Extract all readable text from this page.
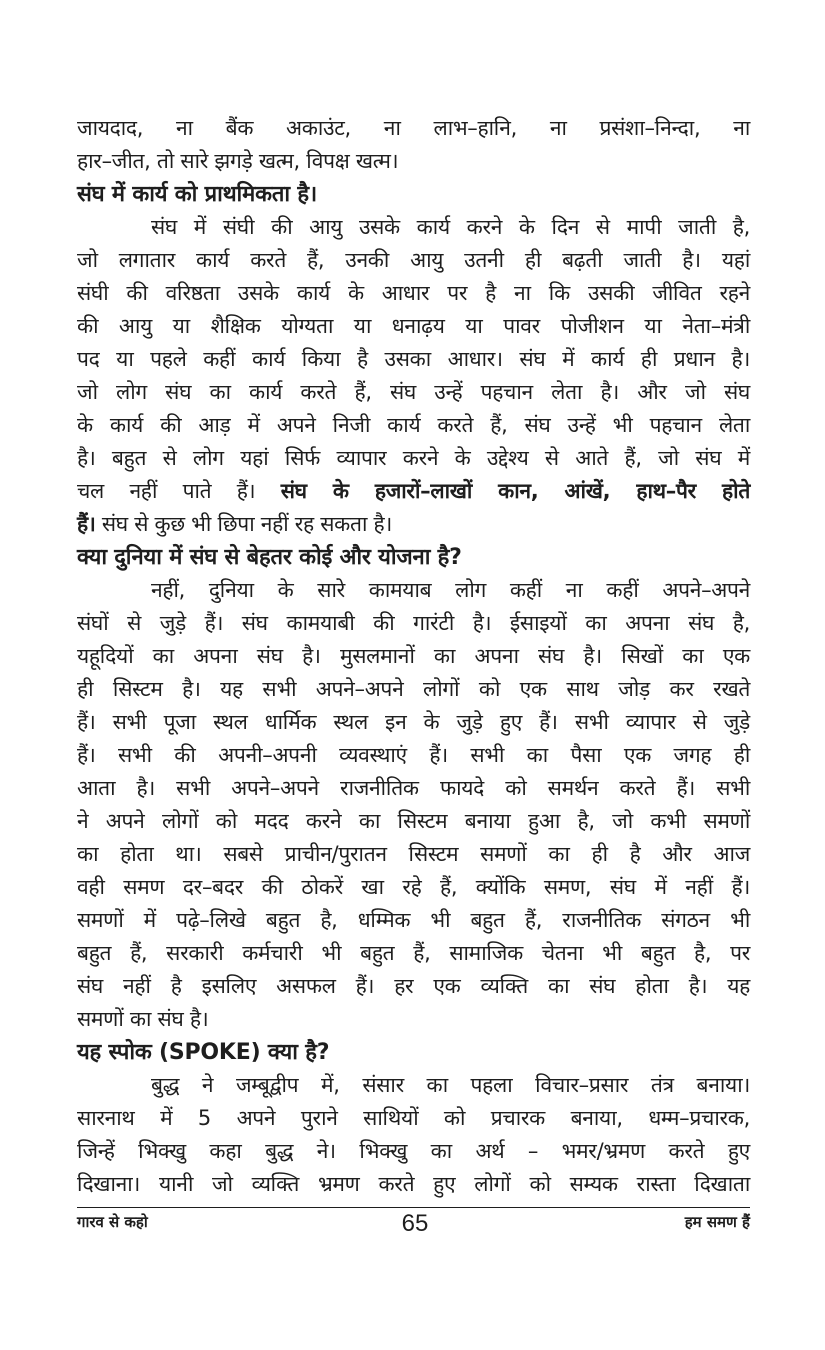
जायदाद, ना बैंक अकाउंट, ना लाभ–हानि, ना प्रसंशा–निन्दा, ना
हार–जीत, तो सारे झगड़े खत्म, विपक्ष खत्म।
संघ में कार्य को प्राथमिकता है।
संघ में संघी की आयु उसके कार्य करने के दिन से मापी जाती है,
जो लगातार कार्य करते हैं, उनकी आयु उतनी ही बढ़ती जाती है। यहां
संघी की वरिष्ठता उसके कार्य के आधार पर है ना कि उसकी जीवित रहने
की आयु या शैक्षिक योग्यता या धनाढ़य या पावर पोजीशन या नेता–मंत्री
पद या पहले कहीं कार्य किया है उसका आधार। संघ में कार्य ही प्रधान है।
जो लोग संघ का कार्य करते हैं, संघ उन्हें पहचान लेता है। और जो संघ
के कार्य की आड़ में अपने निजी कार्य करते हैं, संघ उन्हें भी पहचान लेता
है। बहुत से लोग यहां सिर्फ व्यापार करने के उद्देश्य से आते हैं, जो संघ में
चल नहीं पाते हैं। संघ के हजारों–लाखों कान, आंखें, हाथ–पैर होते
हैं। संघ से कुछ भी छिपा नहीं रह सकता है।
क्या दुनिया में संघ से बेहतर कोई और योजना है?
नहीं, दुनिया के सारे कामयाब लोग कहीं ना कहीं अपने–अपने
संघों से जुड़े हैं। संघ कामयाबी की गारंटी है। ईसाइयों का अपना संघ है,
यहूदियों का अपना संघ है। मुसलमानों का अपना संघ है। सिखों का एक
ही सिस्टम है। यह सभी अपने–अपने लोगों को एक साथ जोड़ कर रखते
हैं। सभी पूजा स्थल धार्मिक स्थल इन के जुड़े हुए हैं। सभी व्यापार से जुड़े
हैं। सभी की अपनी–अपनी व्यवस्थाएं हैं। सभी का पैसा एक जगह ही
आता है। सभी अपने–अपने राजनीतिक फायदे को समर्थन करते हैं। सभी
ने अपने लोगों को मदद करने का सिस्टम बनाया हुआ है, जो कभी समणों
का होता था। सबसे प्राचीन/पुरातन सिस्टम समणों का ही है और आज
वही समण दर–बदर की ठोकरें खा रहे हैं, क्योंकि समण, संघ में नहीं हैं।
समणों में पढ़े–लिखे बहुत है, धम्मिक भी बहुत हैं, राजनीतिक संगठन भी
बहुत हैं, सरकारी कर्मचारी भी बहुत हैं, सामाजिक चेतना भी बहुत है, पर
संघ नहीं है इसलिए असफल हैं। हर एक व्यक्ति का संघ होता है। यह
समणों का संघ है।
यह स्पोक (SPOKE) क्या है?
बुद्ध ने जम्बूद्वीप में, संसार का पहला विचार–प्रसार तंत्र बनाया।
सारनाथ में 5 अपने पुराने साथियों को प्रचारक बनाया, धम्म–प्रचारक,
जिन्हें भिक्खु कहा बुद्ध ने। भिक्खु का अर्थ – भमर/भ्रमण करते हुए
दिखाना। यानी जो व्यक्ति भ्रमण करते हुए लोगों को सम्यक रास्ता दिखाता
गारव से कहो	65	हम समण हैं
